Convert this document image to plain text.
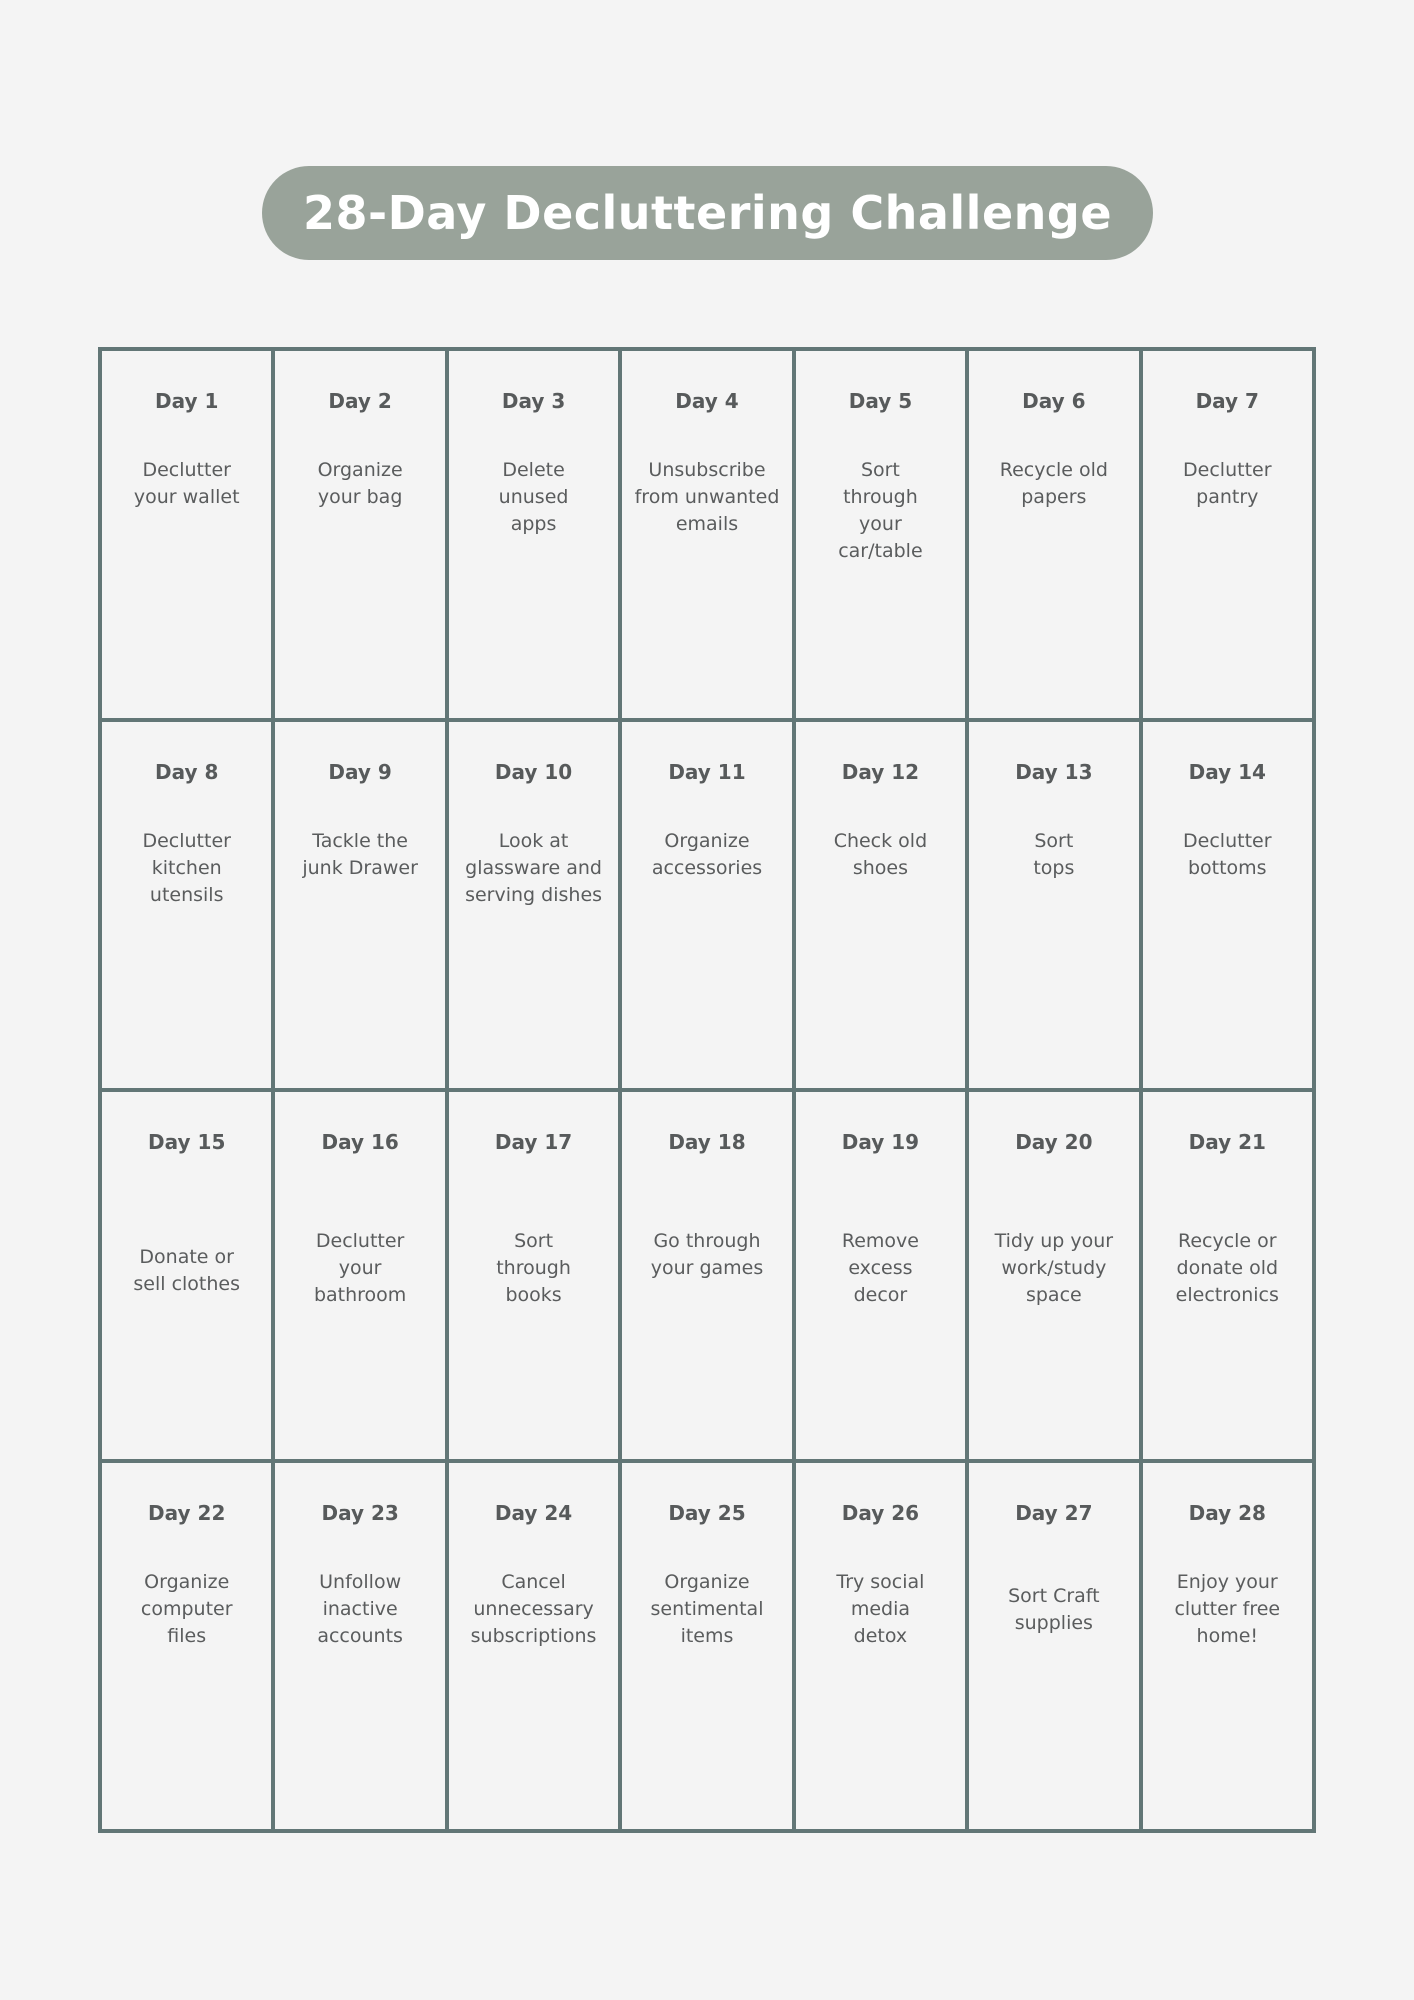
28-Day Decluttering Challenge
Day 1
Declutter
your wallet
Day 2
Organize
your bag
Day 3
Delete
unused
apps
Day 4
Unsubscribe
from unwanted
emails
Day 5
Sort
through
your
car/table
Day 6
Recycle old
papers
Day 7
Declutter
pantry
Day 8
Declutter
kitchen
utensils
Day 9
Tackle the
junk Drawer
Day 10
Look at
glassware and
serving dishes
Day 11
Organize
accessories
Day 12
Check old
shoes
Day 13
Sort
tops
Day 14
Declutter
bottoms
Day 15
Donate or
sell clothes
Day 16
Declutter
your
bathroom
Day 17
Sort
through
books
Day 18
Go through
your games
Day 19
Remove
excess
decor
Day 20
Tidy up your
work/study
space
Day 21
Recycle or
donate old
electronics
Day 22
Organize
computer
files
Day 23
Unfollow
inactive
accounts
Day 24
Cancel
unnecessary
subscriptions
Day 25
Organize
sentimental
items
Day 26
Try social
media
detox
Day 27
Sort Craft
supplies
Day 28
Enjoy your
clutter free
home!
